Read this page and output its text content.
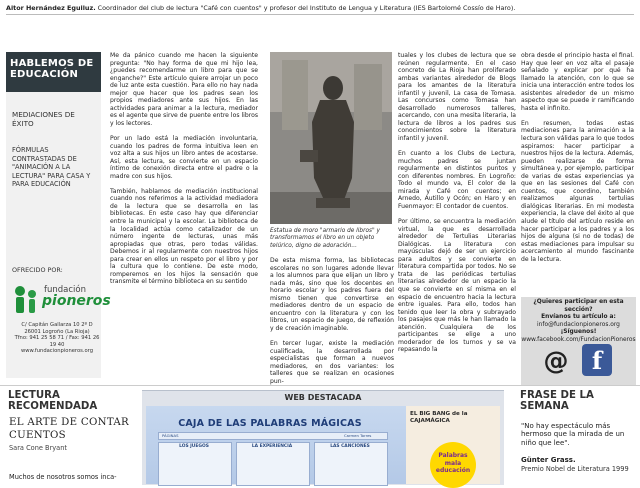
Aitor Hernández Eguiluz. Coordinador del club de lectura "Café con cuentos" y profesor del Instituto de Lengua y Literatura (IES Bartolomé Cossío de Haro).
HABLEMOS DE EDUCACIÓN
MEDIACIONES DE ÉXITO
FÓRMULAS CONTRASTADAS DE "ANIMACIÓN A LA LECTURA" PARA CASA Y PARA EDUCACIÓN
OFRECIDO POR:
fundación
pioneros
C/ Capitán Gallarza 10 2º D
26001 Logroño (La Rioja)
Tfno: 941 25 58 71 / Fax: 941 26 19 40
www.fundacionpioneros.org
Me da pánico cuando me hacen la siguiente pregunta: "No hay forma de que mi hijo lea, ¿puedes recomendarme un libro para que se enganche?" Este artículo quiere arrojar un poco de luz ante esta cuestión. Para ello no hay nada mejor que hacer que los padres sean los propios mediadores ante sus hijos. En las actividades para animar a la lectura, mediador es el agente que sirve de puente entre los libros y los lectores.

Por un lado está la mediación involuntaria, cuando los padres de forma intuitiva leen en voz alta a sus hijos un libro antes de acostarse. Así, esta lectura, se convierte en un espacio íntimo de conexión directa entre el padre o la madre con sus hijos.

También, hablamos de mediación institucional cuando nos referimos a la actividad mediadora de la lectura que se desarrolla en las bibliotecas. En este caso hay que diferenciar entre la municipal y la escolar. La biblioteca de la localidad actúa como catalizador de un número ingente de lecturas, unas más apropiadas que otras, pero todas válidas. Debemos ir al regularmente con nuestros hijos para crear en ellos un respeto por el libro y por la cultura que lo contiene. De este modo, romperemos en los hijos la sensación que transmite el término biblioteca en su sentido
Estatua de moro "armario de libros" y transformamos el libro en un objeto telúrico, digno de adoración...
De esta misma forma, las bibliotecas escolares no son lugares adonde llevar a los alumnos para que elijan un libro y nada más, sino que los docentes en horario escolar y los padres fuera del mismo tienen que convertirse en mediadores dentro de un espacio de encuentro con la literatura y con los libros, un espacio de juego, de reflexión y de creación imaginable.

En tercer lugar, existe la mediación cualificada, la desarrollada por especialistas que forman a nuevos mediadores, en dos variantes: los talleres que se realizan en ocasiones pun-
tuales y los clubes de lectura que se reúnen regularmente. En el caso concreto de La Rioja han proliferado ambas variantes alrededor de Blogs para los amantes de la literatura infantil y juvenil, La casa de Tomasa. Las concursos como Tomasa han desarrollado numerosos talleres, acercando, con una mesita literaria, la lectura de libros a los padres sus conocimientos sobre la literatura infantil y juvenil.

En cuanto a los Clubs de Lectura, muchos padres se juntan regularmente en distintos puntos y con diferentes nombres. En Logroño: Todo el mundo va, El color de la mirada y Café con cuentos; en Arnedo, Autillo y Ocón; en Haro y en Fuenmayor: El contador de cuentos.

Por último, se encuentra la mediación virtual, la que es desarrollada alrededor de Tertulias Literarias Dialógicas. La literatura con mayúsculas dejó de ser un ejercicio para adultos y se convierte en literatura compartida por todos. No se trata de las periódicas tertulias literarias alrededor de un espacio la que se convierte en sí misma en el espacio de encuentro hacia la lectura entre iguales. Para ello, todos han tenido que leer la obra y subrayado los pasajes que más le han llamado la atención. Cualquiera de los participantes se elige a uno moderador de los turnos y se va repasando la
obra desde el principio hasta el final. Hay que leer en voz alta el pasaje señalado y explicar por qué ha llamado la atención, con lo que se inicia una interacción entre todos los asistentes alrededor de un mismo aspecto que se puede ir ramificando hasta el infinito.

En resumen, todas estas mediaciones para la animación a la lectura son válidas para lo que todos aspiramos: hacer participar a nuestros hijos de la lectura. Además, pueden realizarse de forma simultánea y, por ejemplo, participar de varias de estas experiencias ya que en las sesiones del Café con cuentos, que coordino, también realizamos algunas tertulias dialógicas literarias. En mi modesta experiencia, la clave del éxito al que alude el título del artículo reside en hacer participar a los padres y a los hijos de alguna (si no de todas) de estas mediaciones para impulsar su acercamiento al mundo fascinante de la lectura.
¿Quieres participar en esta sección?
Envíanos tu artículo a:
info@fundacionpioneros.org
¡Síguenos!
www.facebook.com/FundacionPioneros
@ f
LECTURA RECOMENDADA
EL ARTE DE CONTAR CUENTOS
Sara Cone Bryant
Muchos de nosotros somos inca-
WEB DESTACADA
CAJA DE LAS PALABRAS MÁGICAS
PÁGINAS	Carmen Torres
LOS JUEGOS	LA EXPERIENCIA	LAS CANCIONES
EL BIG BANG de la CAJAMÁGICA
Palabras
mala
educación
FRASE DE LA SEMANA
"No hay espectáculo más hermoso que la mirada de un niño que lee".
Günter Grass.
Premio Nobel de Literatura 1999
